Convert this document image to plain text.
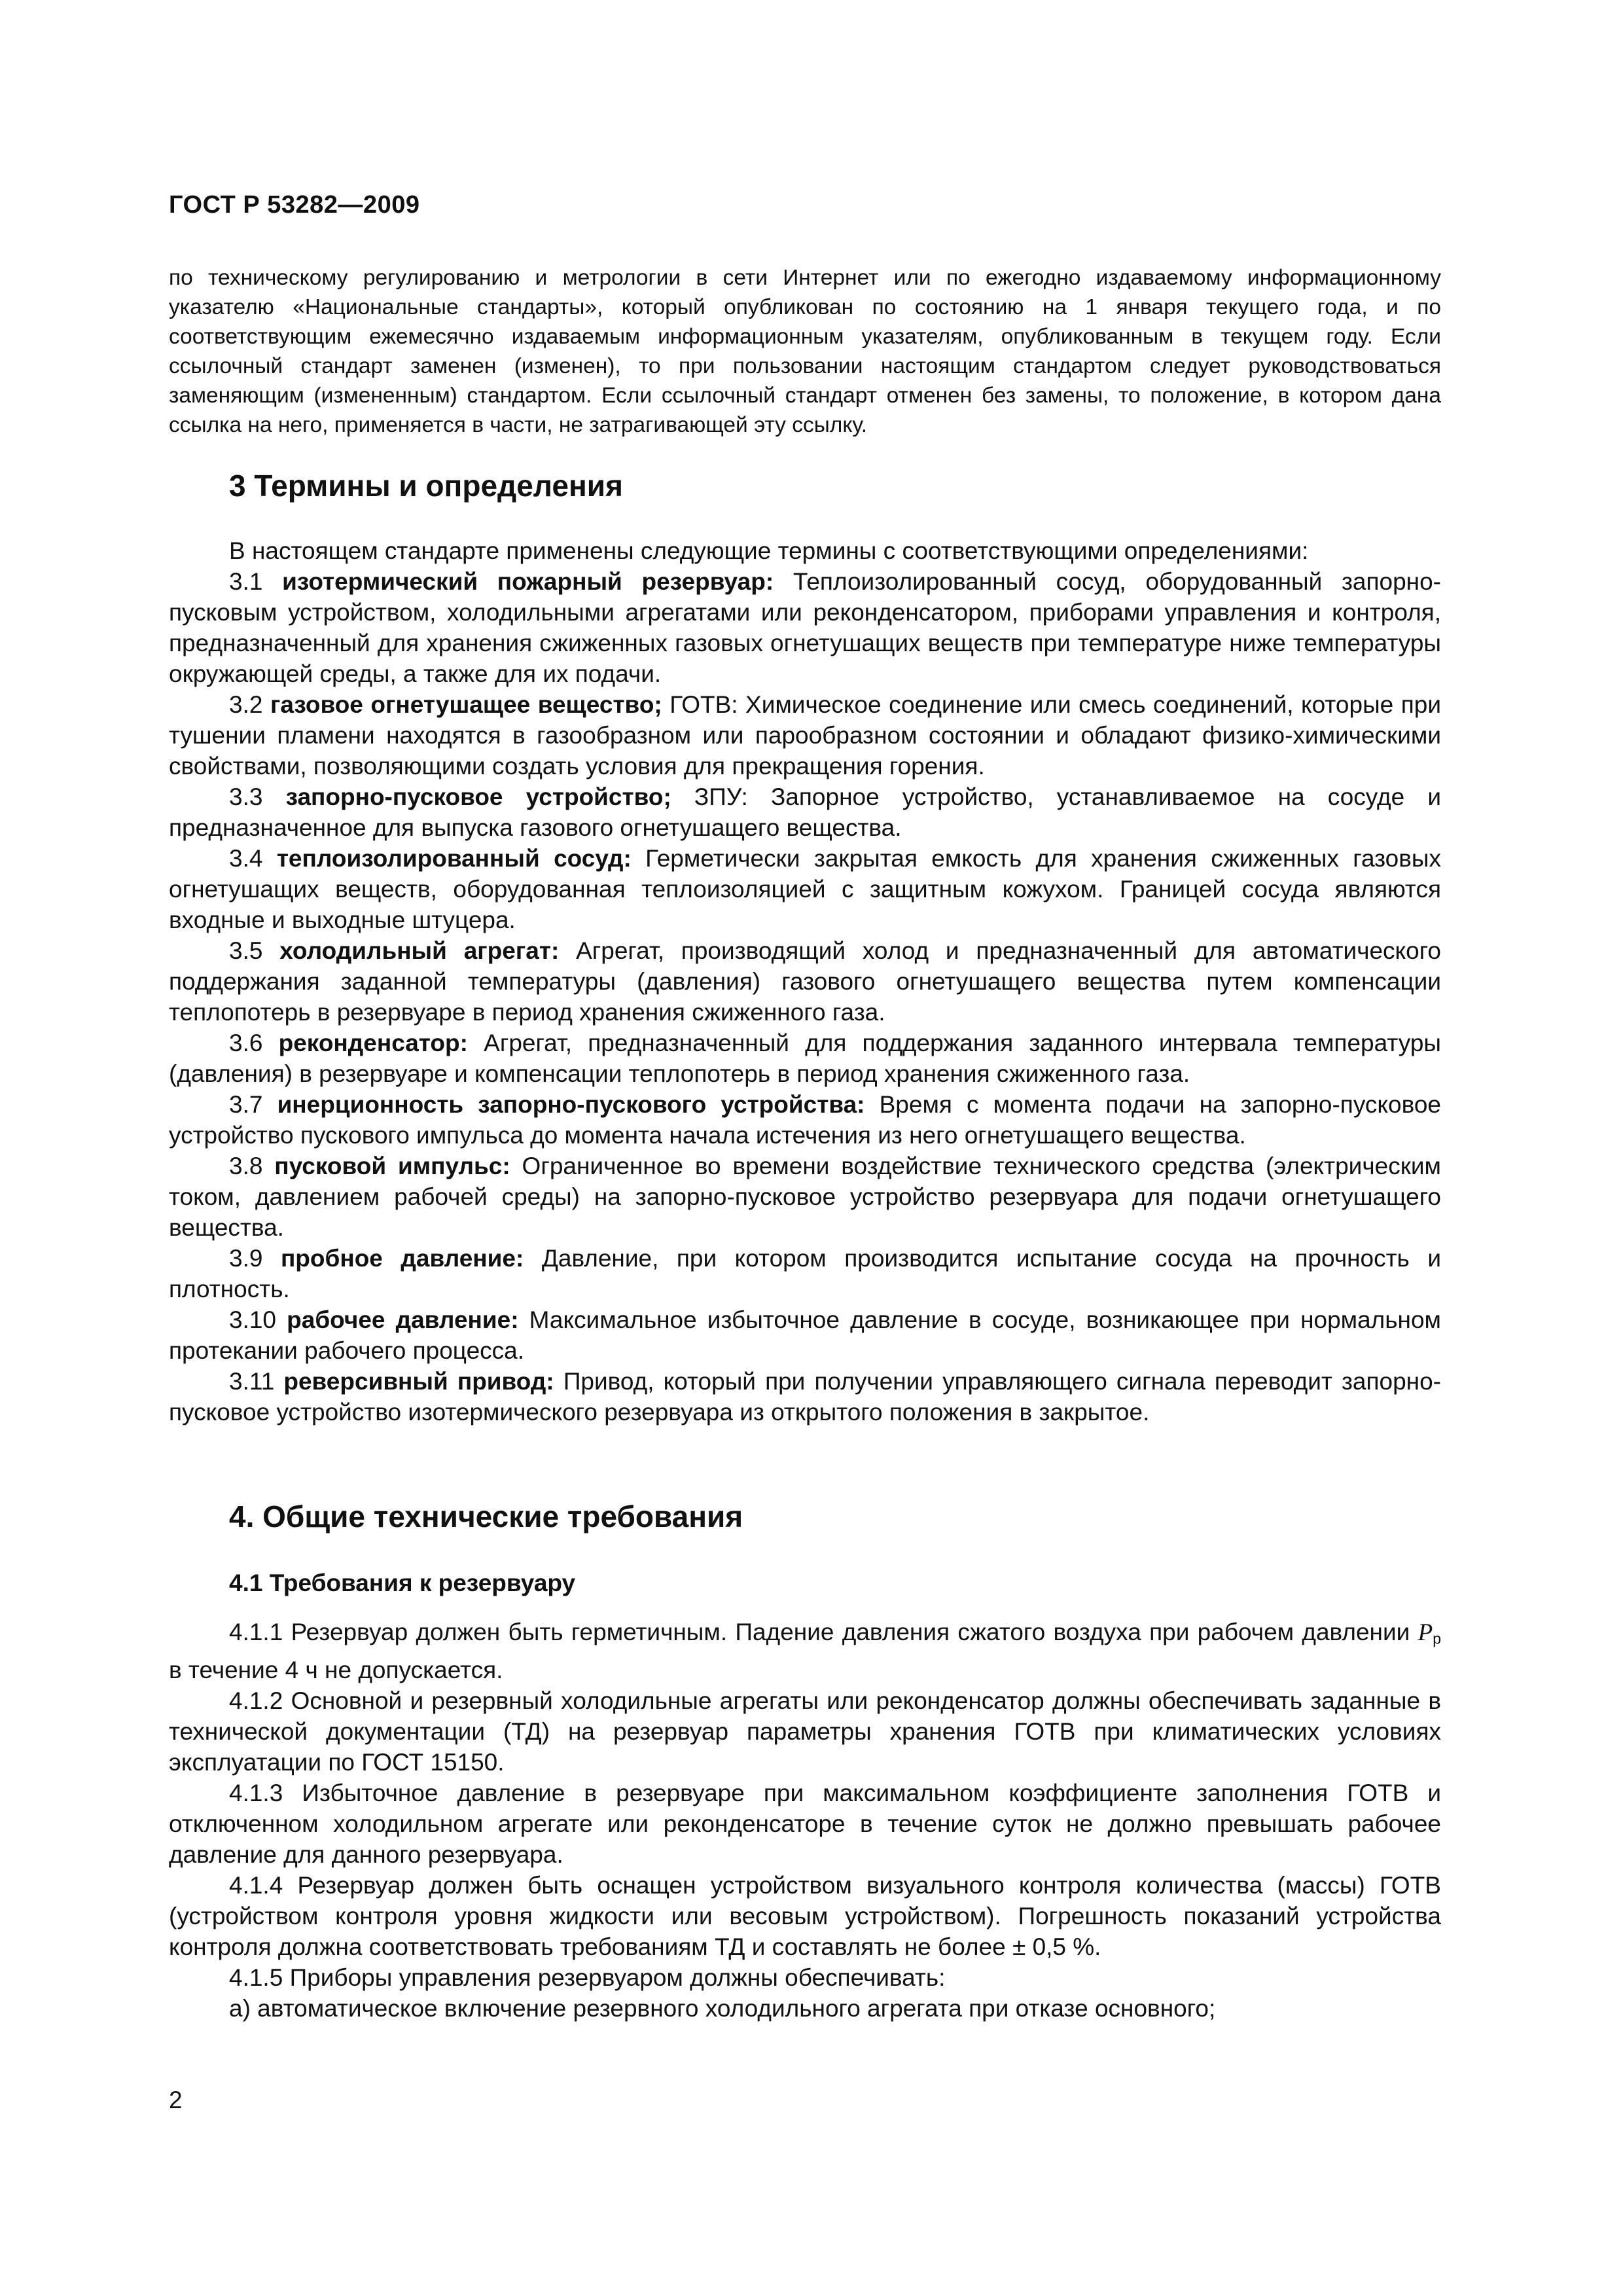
ГОСТ Р 53282—2009

по техническому регулированию и метрологии в сети Интернет или по ежегодно издаваемому информационному указателю «Национальные стандарты», который опубликован по состоянию на 1 января текущего года, и по соответствующим ежемесячно издаваемым информационным указателям, опубликованным в текущем году. Если ссылочный стандарт заменен (изменен), то при пользовании настоящим стандартом следует руководствоваться заменяющим (измененным) стандартом. Если ссылочный стандарт отменен без замены, то положение, в котором дана ссылка на него, применяется в части, не затрагивающей эту ссылку.

3 Термины и определения

В настоящем стандарте применены следующие термины с соответствующими определениями:

3.1 изотермический пожарный резервуар: Теплоизолированный сосуд, оборудованный запорно-пусковым устройством, холодильными агрегатами или реконденсатором, приборами управления и контроля, предназначенный для хранения сжиженных газовых огнетушащих веществ при температуре ниже температуры окружающей среды, а также для их подачи.

3.2 газовое огнетушащее вещество; ГОТВ: Химическое соединение или смесь соединений, которые при тушении пламени находятся в газообразном или парообразном состоянии и обладают физико-химическими свойствами, позволяющими создать условия для прекращения горения.

3.3 запорно-пусковое устройство; ЗПУ: Запорное устройство, устанавливаемое на сосуде и предназначенное для выпуска газового огнетушащего вещества.

3.4 теплоизолированный сосуд: Герметически закрытая емкость для хранения сжиженных газовых огнетушащих веществ, оборудованная теплоизоляцией с защитным кожухом. Границей сосуда являются входные и выходные штуцера.

3.5 холодильный агрегат: Агрегат, производящий холод и предназначенный для автоматического поддержания заданной температуры (давления) газового огнетушащего вещества путем компенсации теплопотерь в резервуаре в период хранения сжиженного газа.

3.6 реконденсатор: Агрегат, предназначенный для поддержания заданного интервала температуры (давления) в резервуаре и компенсации теплопотерь в период хранения сжиженного газа.

3.7 инерционность запорно-пускового устройства: Время с момента подачи на запорно-пусковое устройство пускового импульса до момента начала истечения из него огнетушащего вещества.

3.8 пусковой импульс: Ограниченное во времени воздействие технического средства (электрическим током, давлением рабочей среды) на запорно-пусковое устройство резервуара для подачи огнетушащего вещества.

3.9 пробное давление: Давление, при котором производится испытание сосуда на прочность и плотность.

3.10 рабочее давление: Максимальное избыточное давление в сосуде, возникающее при нормальном протекании рабочего процесса.

3.11 реверсивный привод: Привод, который при получении управляющего сигнала переводит запорно-пусковое устройство изотермического резервуара из открытого положения в закрытое.

4. Общие технические требования
4.1 Требования к резервуару

4.1.1 Резервуар должен быть герметичным. Падение давления сжатого воздуха при рабочем давлении $P_р$ в течение 4 ч не допускается.

4.1.2 Основной и резервный холодильные агрегаты или реконденсатор должны обеспечивать заданные в технической документации (ТД) на резервуар параметры хранения ГОТВ при климатических условиях эксплуатации по ГОСТ 15150.

4.1.3 Избыточное давление в резервуаре при максимальном коэффициенте заполнения ГОТВ и отключенном холодильном агрегате или реконденсаторе в течение суток не должно превышать рабочее давление для данного резервуара.

4.1.4 Резервуар должен быть оснащен устройством визуального контроля количества (массы) ГОТВ (устройством контроля уровня жидкости или весовым устройством). Погрешность показаний устройства контроля должна соответствовать требованиям ТД и составлять не более ± 0,5 %.

4.1.5 Приборы управления резервуаром должны обеспечивать:

а) автоматическое включение резервного холодильного агрегата при отказе основного;

2
